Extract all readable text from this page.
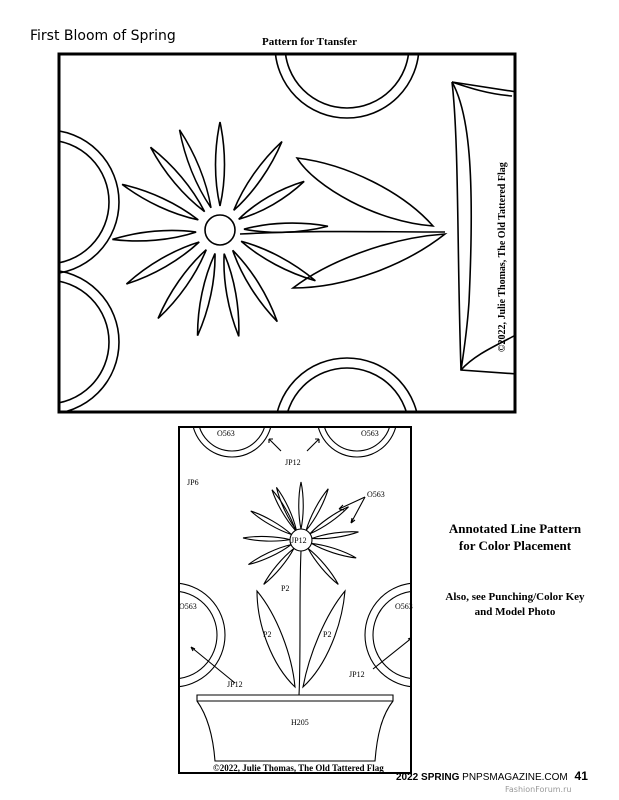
First Bloom of Spring	Pattern for Ttansfer
©2022, Julie Thomas, The Old Tattered Flag
O563	O563
JP12
JP6
O563
JP12
P2
P2	P2
O563	O563
JP12
JP12
H205
©2022, Julie Thomas, The Old Tattered Flag
Annotated Line Pattern
for Color Placement
Also, see Punching/Color Key
and Model Photo
2022 SPRING PNPSMAGAZINE.COM 41
FashionForum.ru
